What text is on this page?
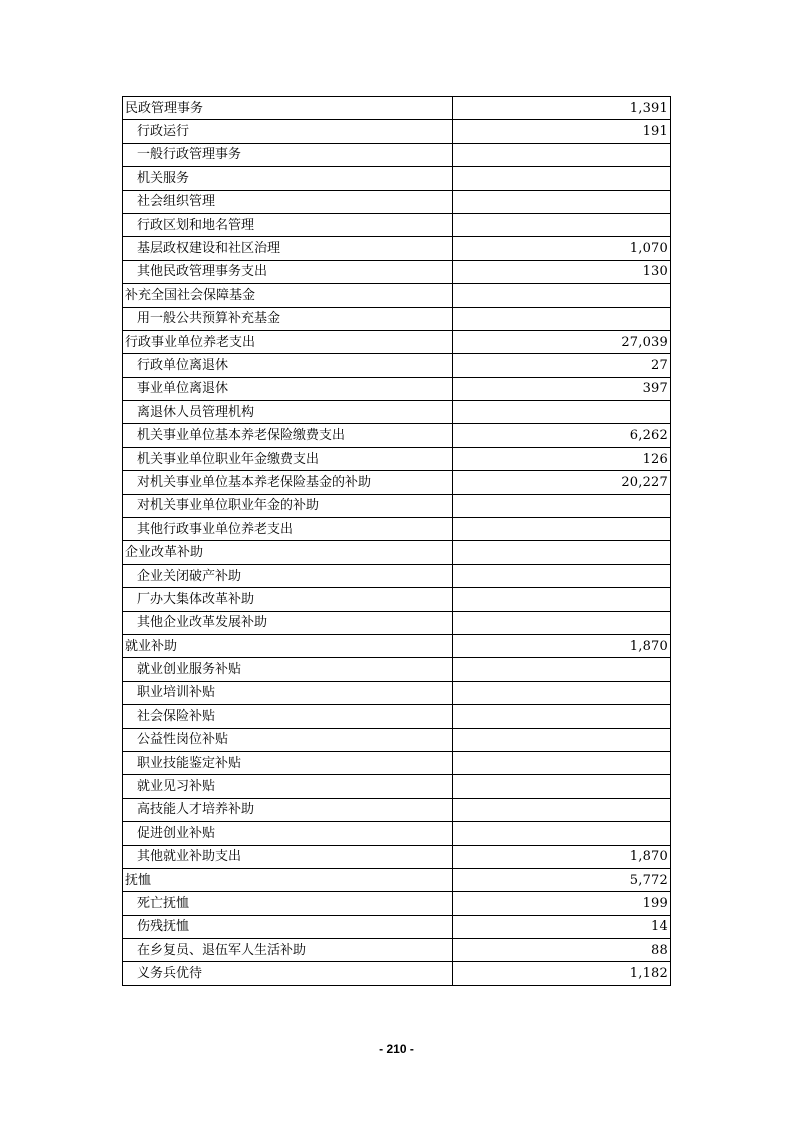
民政管理事务	1,391
行政运行	191
一般行政管理事务	
机关服务	
社会组织管理	
行政区划和地名管理	
基层政权建设和社区治理	1,070
其他民政管理事务支出	130
补充全国社会保障基金	
用一般公共预算补充基金	
行政事业单位养老支出	27,039
行政单位离退休	27
事业单位离退休	397
离退休人员管理机构	
机关事业单位基本养老保险缴费支出	6,262
机关事业单位职业年金缴费支出	126
对机关事业单位基本养老保险基金的补助	20,227
对机关事业单位职业年金的补助	
其他行政事业单位养老支出	
企业改革补助	
企业关闭破产补助	
厂办大集体改革补助	
其他企业改革发展补助	
就业补助	1,870
就业创业服务补贴	
职业培训补贴	
社会保险补贴	
公益性岗位补贴	
职业技能鉴定补贴	
就业见习补贴	
高技能人才培养补助	
促进创业补贴	
其他就业补助支出	1,870
抚恤	5,772
死亡抚恤	199
伤残抚恤	14
在乡复员、退伍军人生活补助	88
义务兵优待	1,182
- 210 -
